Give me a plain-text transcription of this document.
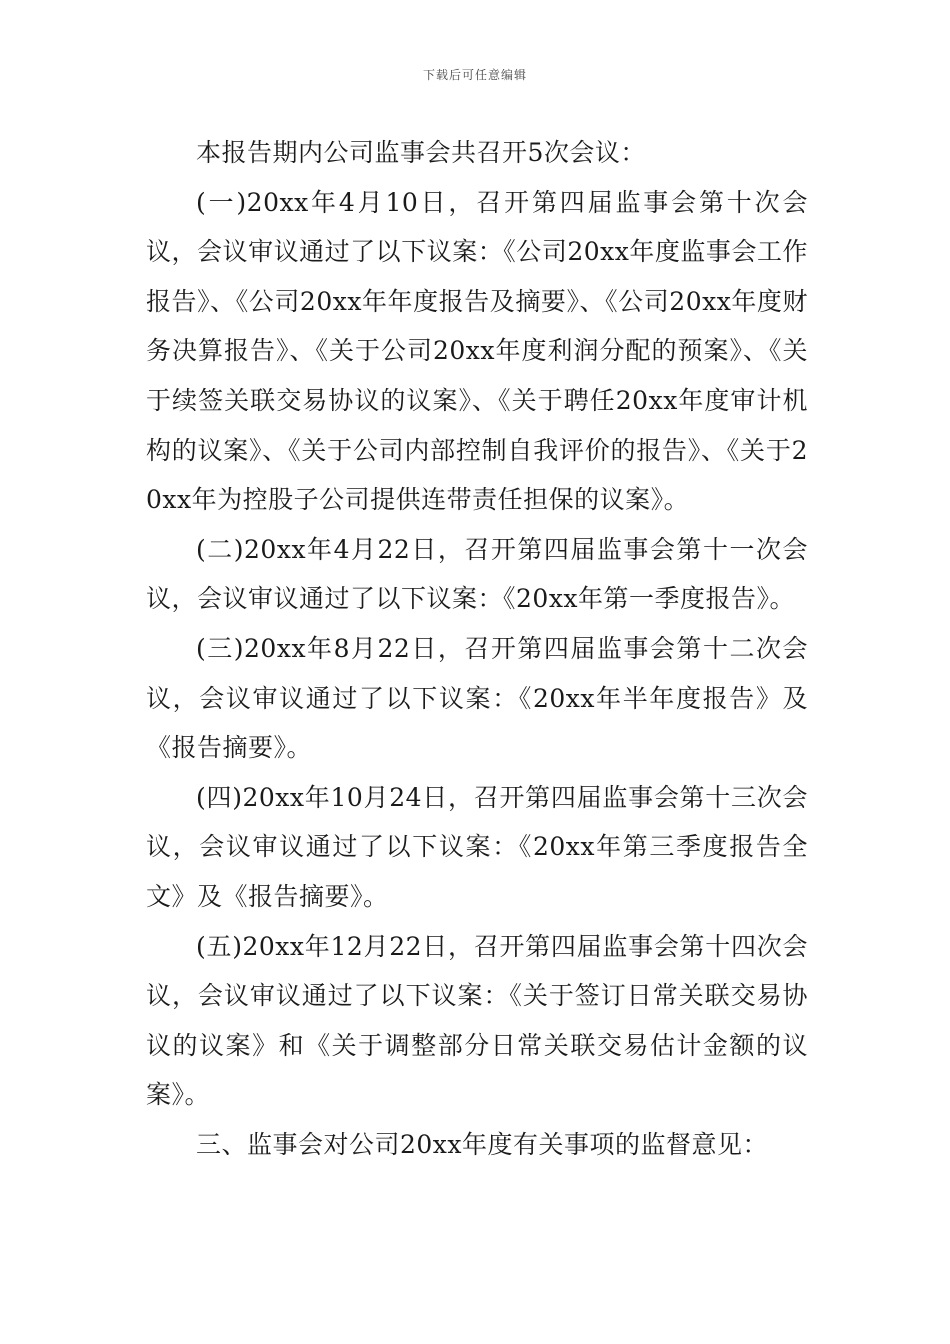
下载后可任意编辑

本报告期内公司监事会共召开5次会议：

(一)20xx年4月10日，召开第四届监事会第十次会议，会议审议通过了以下议案：《公司20xx年度监事会工作报告》、《公司20xx年年度报告及摘要》、《公司20xx年度财务决算报告》、《关于公司20xx年度利润分配的预案》、《关于续签关联交易协议的议案》、《关于聘任20xx年度审计机构的议案》、《关于公司内部控制自我评价的报告》、《关于20xx年为控股子公司提供连带责任担保的议案》。

(二)20xx年4月22日，召开第四届监事会第十一次会议，会议审议通过了以下议案：《20xx年第一季度报告》。

(三)20xx年8月22日，召开第四届监事会第十二次会议，会议审议通过了以下议案：《20xx年半年度报告》及《报告摘要》。

(四)20xx年10月24日，召开第四届监事会第十三次会议，会议审议通过了以下议案：《20xx年第三季度报告全文》及《报告摘要》。

(五)20xx年12月22日，召开第四届监事会第十四次会议，会议审议通过了以下议案：《关于签订日常关联交易协议的议案》和《关于调整部分日常关联交易估计金额的议案》。

三、监事会对公司20xx年度有关事项的监督意见：
